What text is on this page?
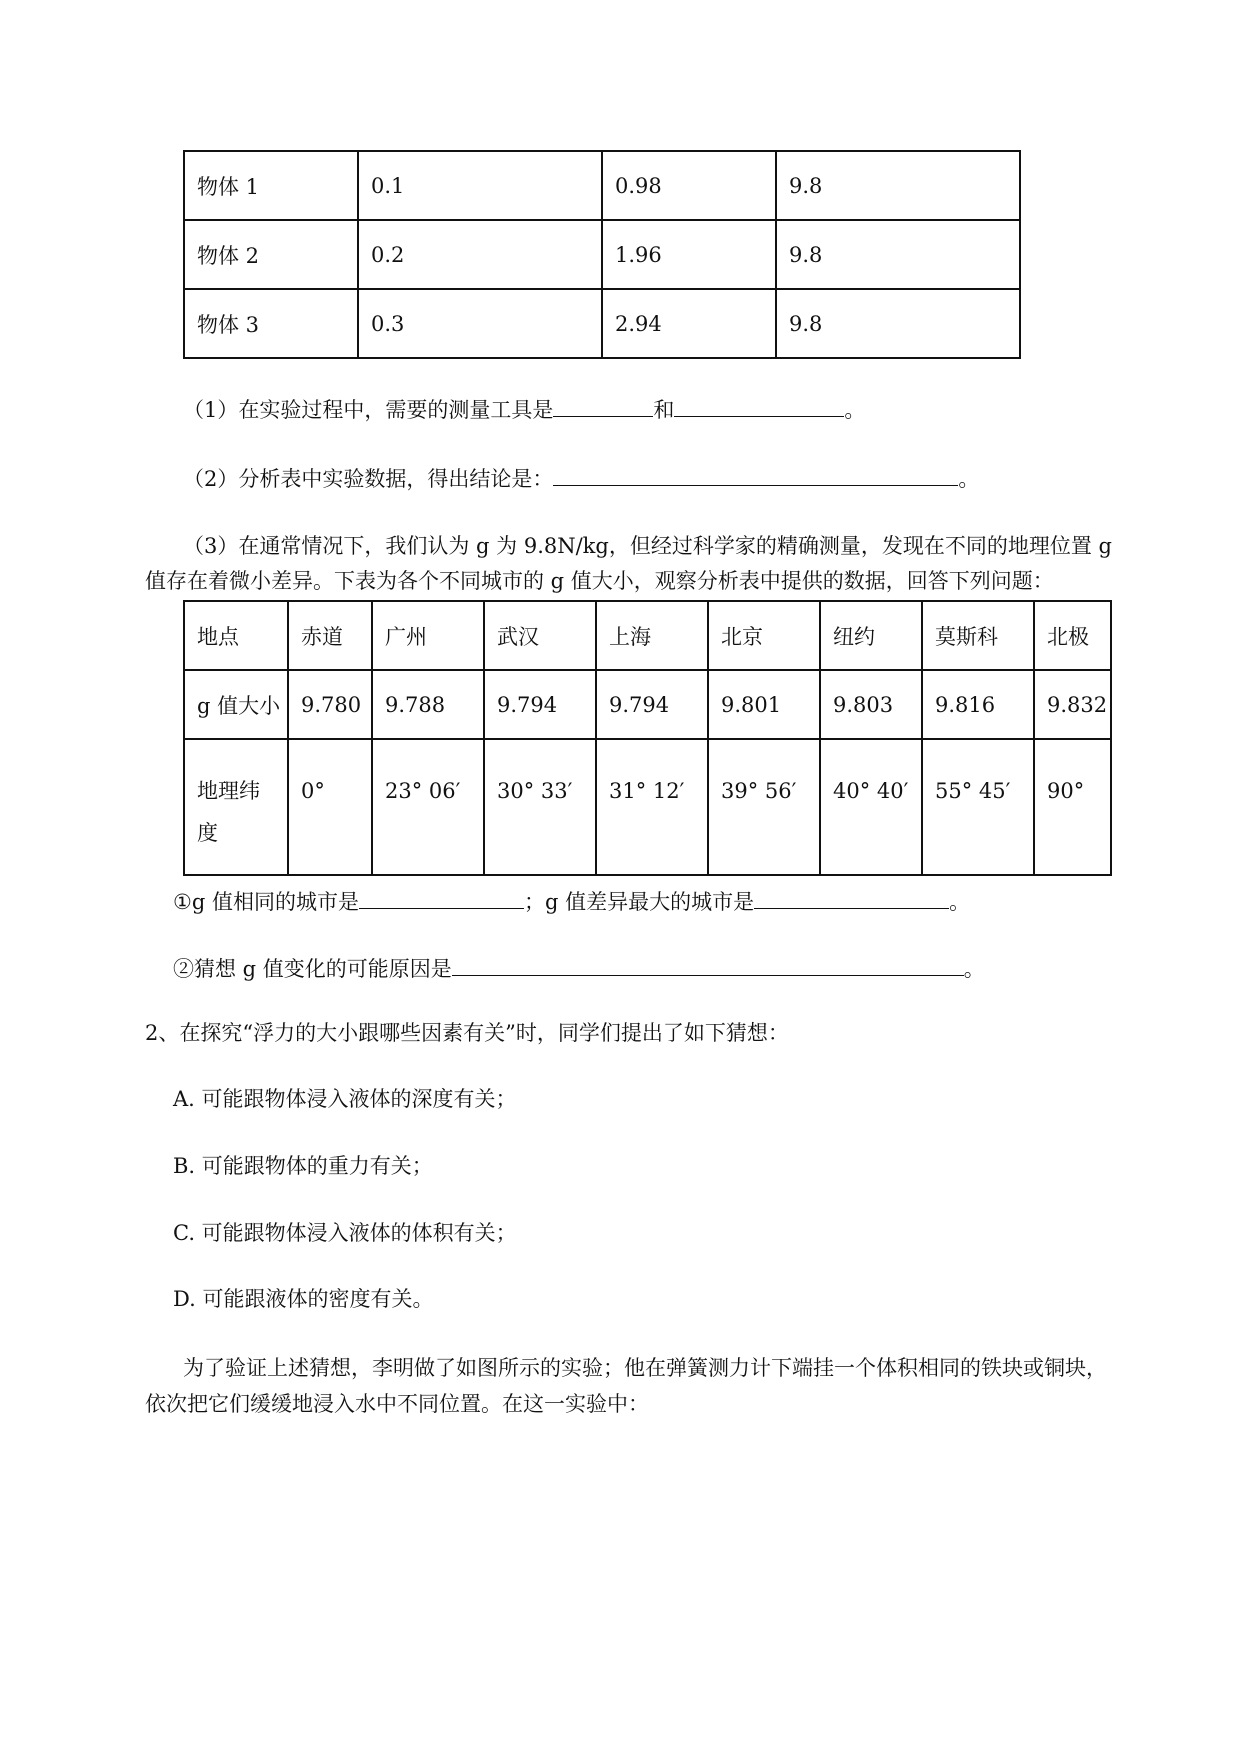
物体 1	0.1	0.98	9.8
物体 2	0.2	1.96	9.8
物体 3	0.3	2.94	9.8
（1）在实验过程中，需要的测量工具是	和	。
（2）分析表中实验数据，得出结论是：	。
（3）在通常情况下，我们认为 g 为 9.8N/kg，但经过科学家的精确测量，发现在不同的地理位置 g
值存在着微小差异。下表为各个不同城市的 g 值大小，观察分析表中提供的数据，回答下列问题：
地点	赤道	广州	武汉	上海	北京	纽约	莫斯科	北极
g 值大小	9.780	9.788	9.794	9.794	9.801	9.803	9.816	9.832
地理纬度	0°	23° 06′	30° 33′	31° 12′	39° 56′	40° 40′	55° 45′	90°
①g 值相同的城市是	；g 值差异最大的城市是	。
②猜想 g 值变化的可能原因是	。
2、在探究“浮力的大小跟哪些因素有关”时，同学们提出了如下猜想：
A. 可能跟物体浸入液体的深度有关；
B. 可能跟物体的重力有关；
C. 可能跟物体浸入液体的体积有关；
D. 可能跟液体的密度有关。
为了验证上述猜想，李明做了如图所示的实验；他在弹簧测力计下端挂一个体积相同的铁块或铜块，
依次把它们缓缓地浸入水中不同位置。在这一实验中：
